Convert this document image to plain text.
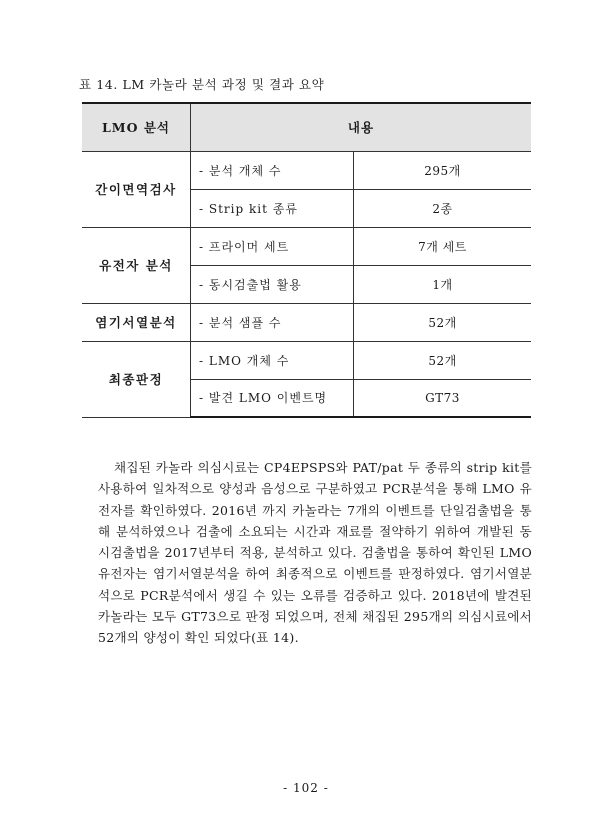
표 14. LM 카놀라 분석 과정 및 결과 요약
LMO 분석	내용	
간이면역검사	- 분석 개체 수	295개
	- Strip kit 종류	2종
유전자 분석	- 프라이머 세트	7개 세트
	- 동시검출법 활용	1개
염기서열분석	- 분석 샘플 수	52개
최종판정	- LMO 개체 수	52개
	- 발견 LMO 이벤트명	GT73

채집된 카놀라 의심시료는 CP4EPSPS와 PAT/pat 두 종류의 strip kit를 사용하여 일차적으로 양성과 음성으로 구분하였고 PCR분석을 통해 LMO 유전자를 확인하였다. 2016년 까지 카놀라는 7개의 이벤트를 단일검출법을 통해 분석하였으나 검출에 소요되는 시간과 재료를 절약하기 위하여 개발된 동시검출법을 2017년부터 적용, 분석하고 있다. 검출법을 통하여 확인된 LMO 유전자는 염기서열분석을 하여 최종적으로 이벤트를 판정하였다. 염기서열분석으로 PCR분석에서 생길 수 있는 오류를 검증하고 있다. 2018년에 발견된 카놀라는 모두 GT73으로 판정 되었으며, 전체 채집된 295개의 의심시료에서 52개의 양성이 확인 되었다(표 14).

- 102 -
